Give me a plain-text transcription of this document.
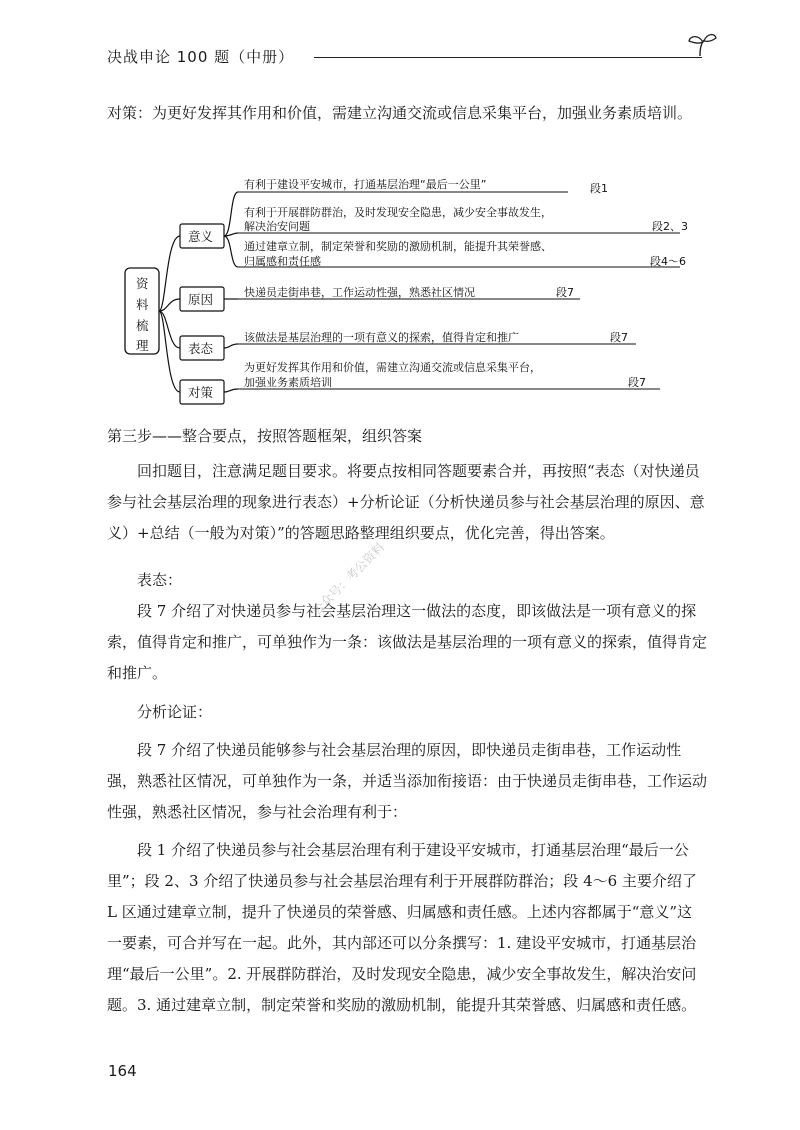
决战申论 100 题（中册）

对策：为更好发挥其作用和价值，需建立沟通交流或信息采集平台，加强业务素质培训。

资
料
梳
理
意义
有利于建设平安城市，打通基层治理“最后一公里”	段1
有利于开展群防群治，及时发现安全隐患，减少安全事故发生，
解决治安问题	段2、3
通过建章立制，制定荣誉和奖励的激励机制，能提升其荣誉感、
归属感和责任感	段4～6
原因	快递员走街串巷，工作运动性强，熟悉社区情况	段7
表态
该做法是基层治理的一项有意义的探索，值得肯定和推广	段7
对策
为更好发挥其作用和价值，需建立沟通交流或信息采集平台，
加强业务素质培训	段7
第三步——整合要点，按照答题框架，组织答案

回扣题目，注意满足题目要求。将要点按相同答题要素合并，再按照“表态（对快递员参与社会基层治理的现象进行表态）+分析论证（分析快递员参与社会基层治理的原因、意义）+总结（一般为对策）”的答题思路整理组织要点，优化完善，得出答案。

表态：

段 7 介绍了对快递员参与社会基层治理这一做法的态度，即该做法是一项有意义的探索，值得肯定和推广，可单独作为一条：该做法是基层治理的一项有意义的探索，值得肯定和推广。

分析论证：

段 7 介绍了快递员能够参与社会基层治理的原因，即快递员走街串巷，工作运动性强，熟悉社区情况，可单独作为一条，并适当添加衔接语：由于快递员走街串巷，工作运动性强，熟悉社区情况，参与社会治理有利于：

段 1 介绍了快递员参与社会基层治理有利于建设平安城市，打通基层治理“最后一公里”；段 2、3 介绍了快递员参与社会基层治理有利于开展群防群治；段 4～6 主要介绍了 L 区通过建章立制，提升了快递员的荣誉感、归属感和责任感。上述内容都属于“意义”这一要素，可合并写在一起。此外，其内部还可以分条撰写：1. 建设平安城市，打通基层治理“最后一公里”。2. 开展群防群治，及时发现安全隐患，减少安全事故发生，解决治安问题。3. 通过建章立制，制定荣誉和奖励的激励机制，能提升其荣誉感、归属感和责任感。

公众号：考公资料
164
